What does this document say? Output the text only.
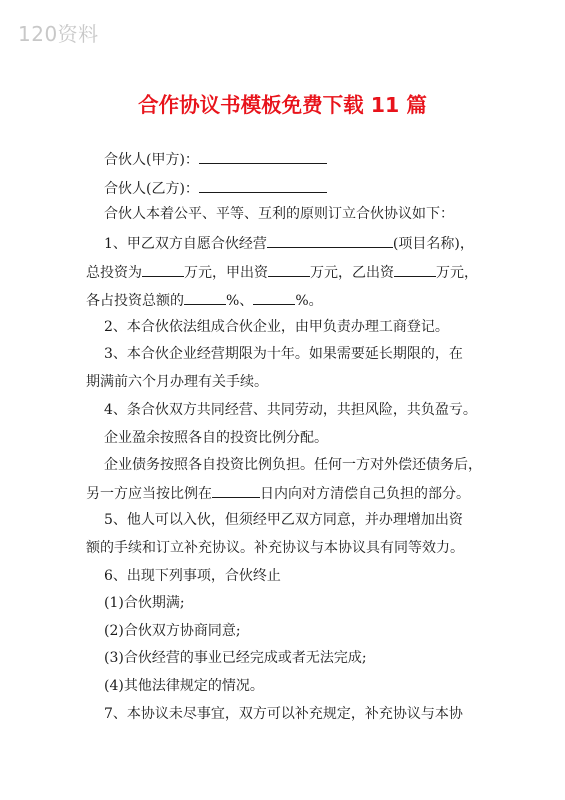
120资料
合作协议书模板免费下载 11 篇
合伙人(甲方)：
合伙人(乙方)：
合伙人本着公平、平等、互利的原则订立合伙协议如下：
1、甲乙双方自愿合伙经营	(项目名称)，
总投资为	万元，甲出资	万元，乙出资	万元，
各占投资总额的	%、	%。
2、本合伙依法组成合伙企业，由甲负责办理工商登记。
3、本合伙企业经营期限为十年。如果需要延长期限的，在
期满前六个月办理有关手续。
4、条合伙双方共同经营、共同劳动，共担风险，共负盈亏。
企业盈余按照各自的投资比例分配。
企业债务按照各自投资比例负担。任何一方对外偿还债务后，
另一方应当按比例在	日内向对方清偿自己负担的部分。
5、他人可以入伙，但须经甲乙双方同意，并办理增加出资
额的手续和订立补充协议。补充协议与本协议具有同等效力。
6、出现下列事项，合伙终止
(1)合伙期满;
(2)合伙双方协商同意;
(3)合伙经营的事业已经完成或者无法完成;
(4)其他法律规定的情况。
7、本协议未尽事宜，双方可以补充规定，补充协议与本协
